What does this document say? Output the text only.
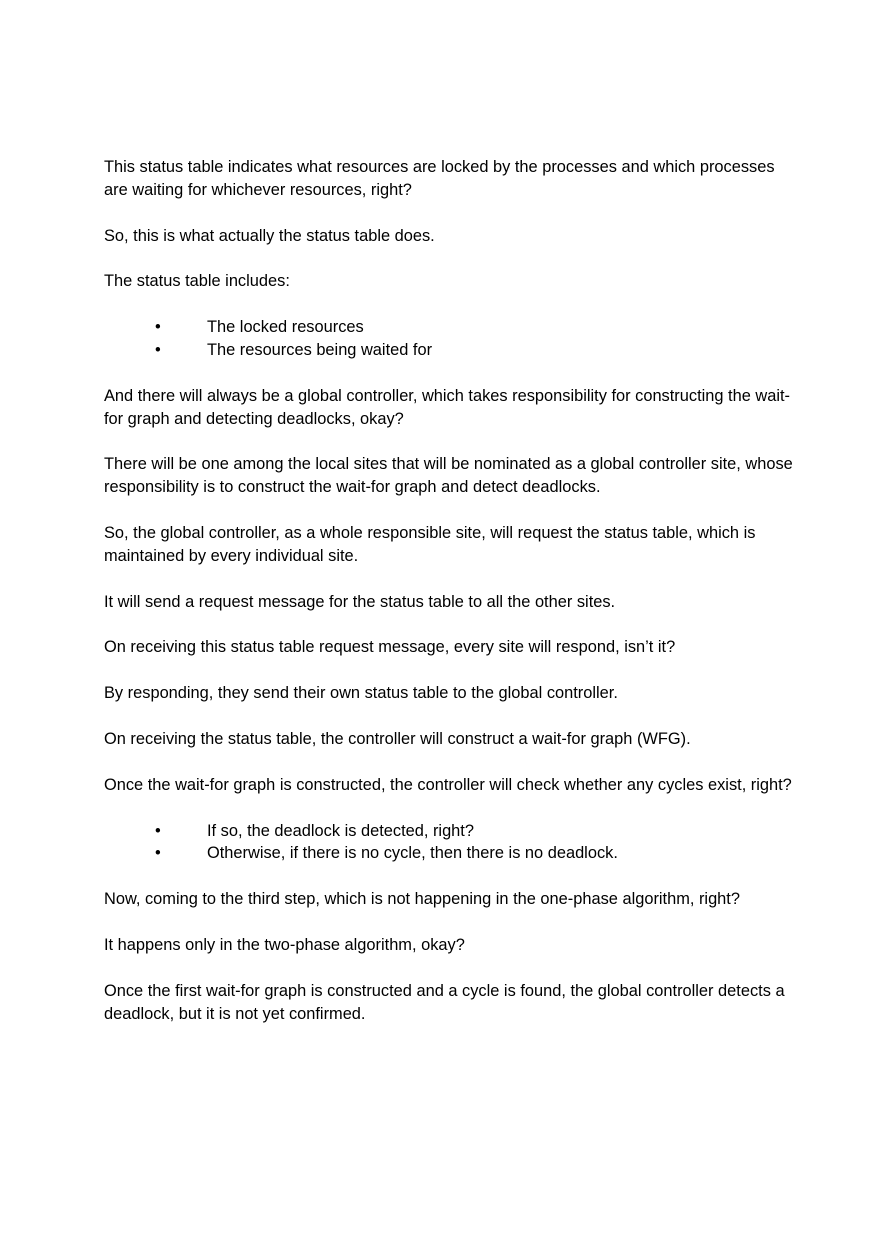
This status table indicates what resources are locked by the processes and which processes are waiting for whichever resources, right?

So, this is what actually the status table does.

The status table includes:

•	The locked resources
•	The resources being waited for

And there will always be a global controller, which takes responsibility for constructing the wait-for graph and detecting deadlocks, okay?

There will be one among the local sites that will be nominated as a global controller site, whose responsibility is to construct the wait-for graph and detect deadlocks.

So, the global controller, as a whole responsible site, will request the status table, which is maintained by every individual site.

It will send a request message for the status table to all the other sites.

On receiving this status table request message, every site will respond, isn’t it?

By responding, they send their own status table to the global controller.

On receiving the status table, the controller will construct a wait-for graph (WFG).

Once the wait-for graph is constructed, the controller will check whether any cycles exist, right?

•	If so, the deadlock is detected, right?
•	Otherwise, if there is no cycle, then there is no deadlock.

Now, coming to the third step, which is not happening in the one-phase algorithm, right?

It happens only in the two-phase algorithm, okay?

Once the first wait-for graph is constructed and a cycle is found, the global controller detects a deadlock, but it is not yet confirmed.
